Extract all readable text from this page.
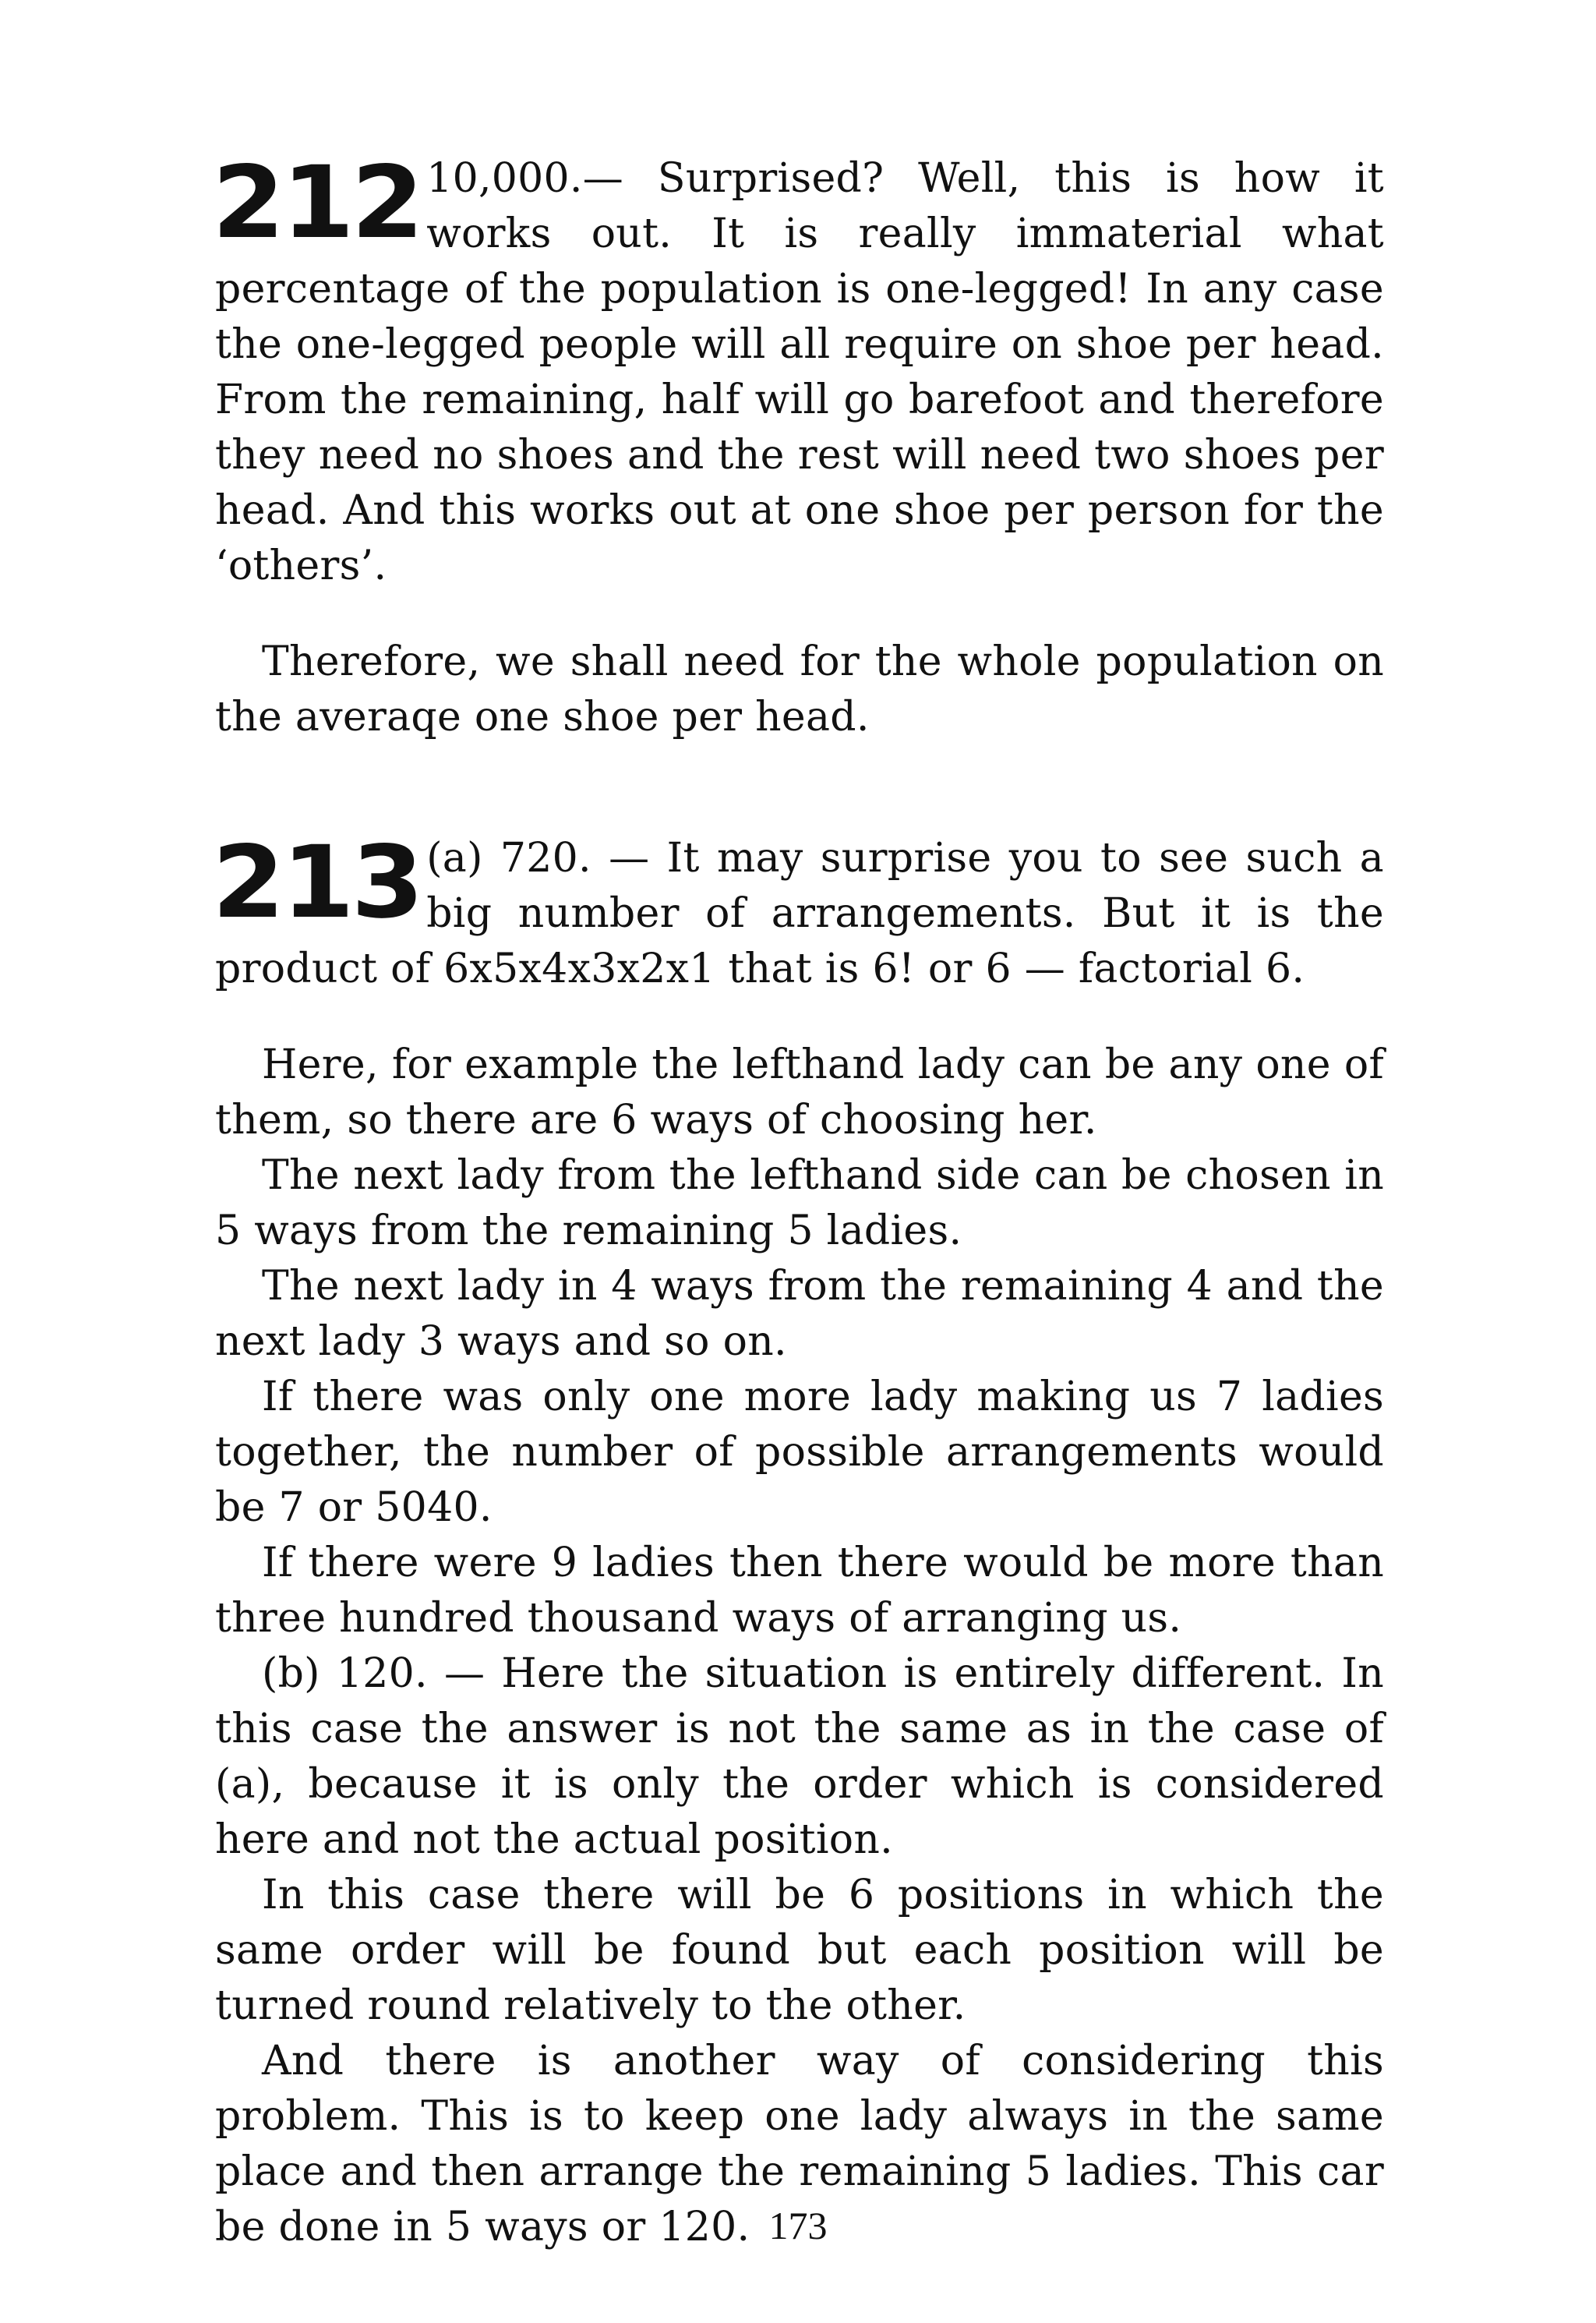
212 10,000.— Surprised? Well, this is how it works out. It is really immaterial what percentage of the population is one-legged! In any case the one-legged people will all require on shoe per head. From the remaining, half will go barefoot and therefore they need no shoes and the rest will need two shoes per head. And this works out at one shoe per person for the ‘others’.

Therefore, we shall need for the whole population on the averaqe one shoe per head.

213 (a) 720. — It may surprise you to see such a big number of arrangements. But it is the product of 6x5x4x3x2x1 that is 6! or 6 — factorial 6.

Here, for example the lefthand lady can be any one of them, so there are 6 ways of choosing her.

The next lady from the lefthand side can be chosen in 5 ways from the remaining 5 ladies.

The next lady in 4 ways from the remaining 4 and the next lady 3 ways and so on.

If there was only one more lady making us 7 ladies together, the number of possible arrangements would be 7 or 5040.

If there were 9 ladies then there would be more than three hundred thousand ways of arranging us.

(b) 120. — Here the situation is entirely different. In this case the answer is not the same as in the case of (a), because it is only the order which is considered here and not the actual position.

In this case there will be 6 positions in which the same order will be found but each position will be turned round relatively to the other.

And there is another way of considering this problem. This is to keep one lady always in the same place and then arrange the remaining 5 ladies. This car be done in 5 ways or 120. 173
